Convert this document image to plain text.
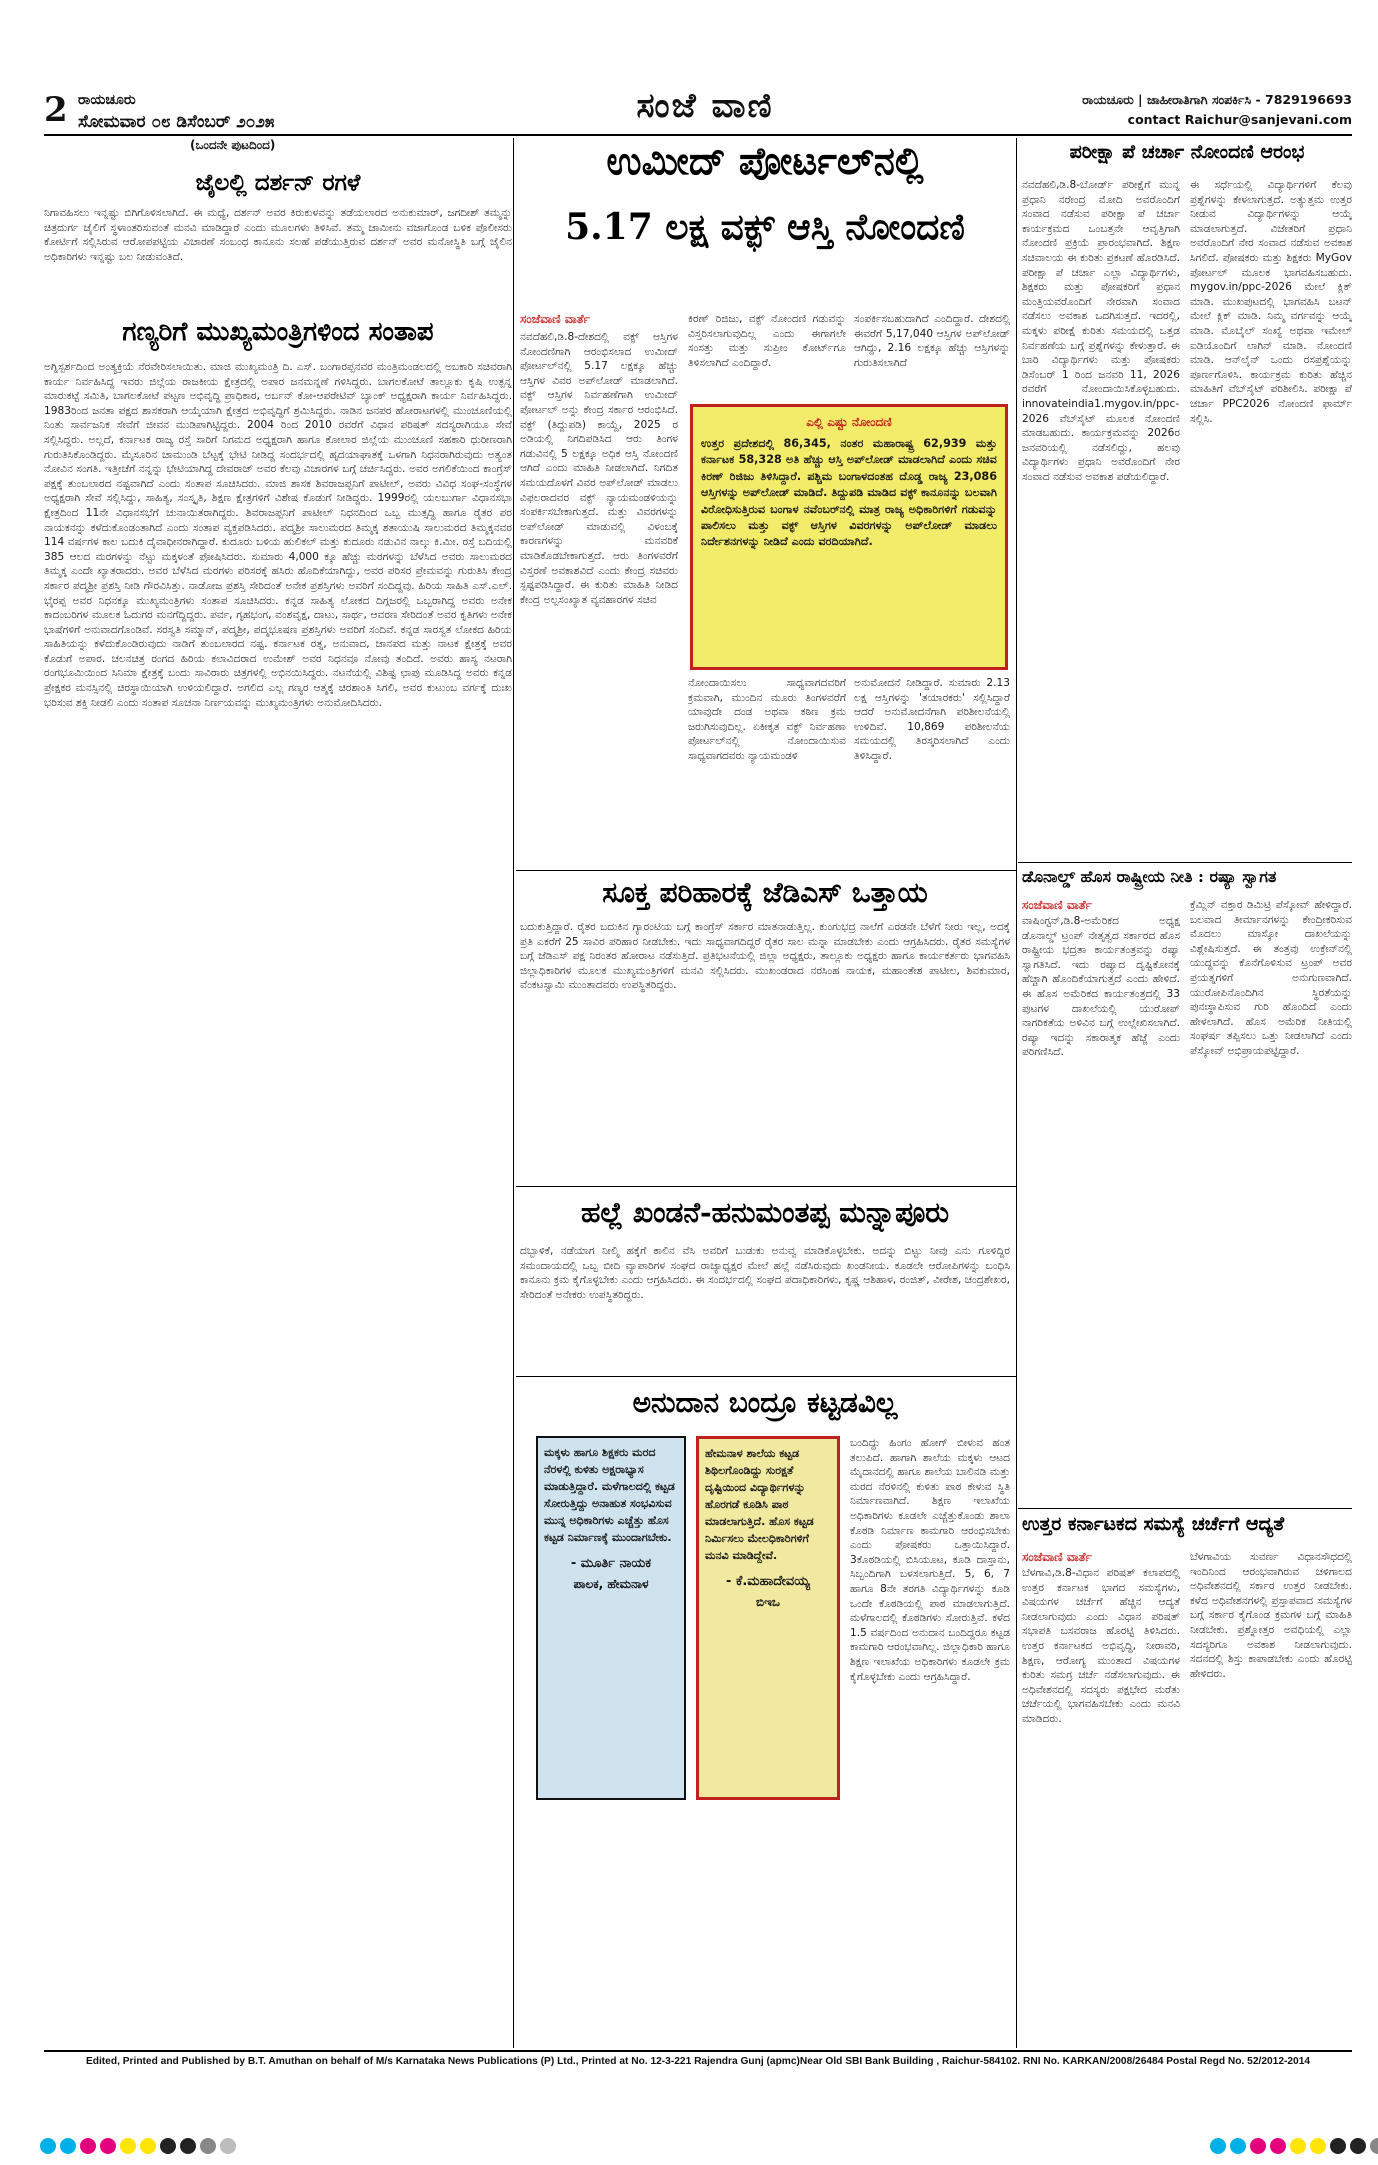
2 ರಾಯಚೂರು
ಸೋಮವಾರ ೦೮ ಡಿಸೆಂಬರ್ ೨೦೨೫	ಸಂಜೆ ವಾಣಿ	ರಾಯಚೂರು | ಜಾಹೀರಾತಿಗಾಗಿ ಸಂಪರ್ಕಿಸಿ - 7829196693
contact Raichur@sanjevani.com
(ಒಂದನೇ ಪುಟದಿಂದ)
ಜೈಲಲ್ಲಿ ದರ್ಶನ್ ರಗಳೆ
ನಿಗಾವಹಿಸಲು ಇನ್ನಷ್ಟು ಬಿಗಿಗೊಳಿಸಲಾಗಿದೆ. ಈ ಮಧ್ಯೆ, ದರ್ಶನ್ ಅವರ ಕಿರುಕುಳವನ್ನು ತಡೆಯಲಾರದ ಅನುಕುಮಾರ್, ಜಗದೀಶ್ ತಮ್ಮನ್ನು ಚಿತ್ರದುರ್ಗ ಜೈಲಿಗೆ ಸ್ಥಳಾಂತರಿಸುವಂತೆ ಮನವಿ ಮಾಡಿದ್ದಾರೆ ಎಂದು ಮೂಲಗಳು ತಿಳಿಸಿವೆ. ತಮ್ಮ ಜಾಮೀನು ವಜಾಗೊಂಡ ಬಳಿಕ ಪೊಲೀಸರು ಕೋರ್ಟಿಗೆ ಸಲ್ಲಿಸಿರುವ ಆರೋಪಪಟ್ಟಿಯ ವಿಚಾರಣೆ ಸಂಬಂಧ ಕಾನೂನು ಸಲಹೆ ಪಡೆಯುತ್ತಿರುವ ದರ್ಶನ್ ಅವರ ಮನೋಸ್ಥಿತಿ ಬಗ್ಗೆ ಜೈಲಿನ ಅಧಿಕಾರಿಗಳು ಇನ್ನಷ್ಟು ಬಲ ನೀಡುವಂತಿದೆ.
ಗಣ್ಯರಿಗೆ ಮುಖ್ಯಮಂತ್ರಿಗಳಿಂದ ಸಂತಾಪ
ಅಗ್ನಿಸ್ಪರ್ಶದಿಂದ ಅಂತ್ಯಕ್ರಿಯೆ ನೆರವೇರಿಸಲಾಯಿತು. ಮಾಜಿ ಮುಖ್ಯಮಂತ್ರಿ ದಿ. ಎಸ್. ಬಂಗಾರಪ್ಪನವರ ಮಂತ್ರಿಮಂಡಲದಲ್ಲಿ ಅಬಕಾರಿ ಸಚಿವರಾಗಿ ಕಾರ್ಯ ನಿರ್ವಹಿಸಿದ್ದ ಇವರು ಜಿಲ್ಲೆಯ ರಾಜಕೀಯ ಕ್ಷೇತ್ರದಲ್ಲಿ ಅಪಾರ ಜನಮನ್ನಣೆ ಗಳಿಸಿದ್ದರು. ಬಾಗಲಕೋಟೆ ತಾಲ್ಲೂಕು ಕೃಷಿ ಉತ್ಪನ್ನ ಮಾರುಕಟ್ಟೆ ಸಮಿತಿ, ಬಾಗಲಕೋಟೆ ಪಟ್ಟಣ ಅಭಿವೃದ್ಧಿ ಪ್ರಾಧಿಕಾರ, ಅರ್ಬನ್ ಕೋ-ಆಪರೇಟಿವ್ ಬ್ಯಾಂಕ್ ಅಧ್ಯಕ್ಷರಾಗಿ ಕಾರ್ಯ ನಿರ್ವಹಿಸಿದ್ದರು. 1983ರಿಂದ ಜನತಾ ಪಕ್ಷದ ಶಾಸಕರಾಗಿ ಆಯ್ಕೆಯಾಗಿ ಕ್ಷೇತ್ರದ ಅಭಿವೃದ್ಧಿಗೆ ಶ್ರಮಿಸಿದ್ದರು. ನಾಡಿನ ಜನಪರ ಹೋರಾಟಗಳಲ್ಲಿ ಮುಂಚೂಣಿಯಲ್ಲಿ ನಿಂತು ಸಾರ್ವಜನಿಕ ಸೇವೆಗೆ ಜೀವನ ಮುಡಿಪಾಗಿಟ್ಟಿದ್ದರು. 2004 ರಿಂದ 2010 ರವರೆಗೆ ವಿಧಾನ ಪರಿಷತ್ ಸದಸ್ಯರಾಗಿಯೂ ಸೇವೆ ಸಲ್ಲಿಸಿದ್ದರು. ಅಲ್ಲದೆ, ಕರ್ನಾಟಕ ರಾಜ್ಯ ರಸ್ತೆ ಸಾರಿಗೆ ನಿಗಮದ ಅಧ್ಯಕ್ಷರಾಗಿ ಹಾಗೂ ಕೋಲಾರ ಜಿಲ್ಲೆಯ ಮುಂಚೂಣಿ ಸಹಕಾರಿ ಧುರೀಣರಾಗಿ ಗುರುತಿಸಿಕೊಂಡಿದ್ದರು. ಮೈಸೂರಿನ ಚಾಮುಂಡಿ ಬೆಟ್ಟಕ್ಕೆ ಭೇಟಿ ನೀಡಿದ್ದ ಸಂದರ್ಭದಲ್ಲಿ ಹೃದಯಾಘಾತಕ್ಕೆ ಒಳಗಾಗಿ ನಿಧನರಾಗಿರುವುದು ಅತ್ಯಂತ ನೋವಿನ ಸಂಗತಿ. ಇತ್ತೀಚೆಗೆ ನನ್ನನ್ನು ಭೇಟಿಯಾಗಿದ್ದ ದೇವರಾಜ್ ಅವರ ಕೆಲವು ವಿಚಾರಗಳ ಬಗ್ಗೆ ಚರ್ಚಿಸಿದ್ದರು. ಅವರ ಅಗಲಿಕೆಯಿಂದ ಕಾಂಗ್ರೆಸ್ ಪಕ್ಷಕ್ಕೆ ತುಂಬಲಾರದ ನಷ್ಟವಾಗಿದೆ ಎಂದು ಸಂತಾಪ ಸೂಚಿಸಿದರು. ಮಾಜಿ ಶಾಸಕ ಶಿವರಾಜಪ್ಪನಿಗೆ ಪಾಟೀಲ್, ಅವರು ವಿವಿಧ ಸಂಘ-ಸಂಸ್ಥೆಗಳ ಅಧ್ಯಕ್ಷರಾಗಿ ಸೇವೆ ಸಲ್ಲಿಸಿದ್ದು, ಸಾಹಿತ್ಯ, ಸಂಸ್ಕೃತಿ, ಶಿಕ್ಷಣ ಕ್ಷೇತ್ರಗಳಿಗೆ ವಿಶೇಷ ಕೊಡುಗೆ ನೀಡಿದ್ದರು. 1999ರಲ್ಲಿ ಯಲಬುರ್ಗಾ ವಿಧಾನಸಭಾ ಕ್ಷೇತ್ರದಿಂದ 11ನೇ ವಿಧಾನಸಭೆಗೆ ಚುನಾಯಿತರಾಗಿದ್ದರು. ಶಿವರಾಜಪ್ಪನಿಗೆ ಪಾಟೀಲ್ ನಿಧನದಿಂದ ಒಬ್ಬ ಮುತ್ಸದ್ಧಿ ಹಾಗೂ ರೈತರ ಪರ ನಾಯಕನನ್ನು ಕಳೆದುಕೊಂಡಂತಾಗಿದೆ ಎಂದು ಸಂತಾಪ ವ್ಯಕ್ತಪಡಿಸಿದರು. ಪದ್ಮಶ್ರೀ ಸಾಲುಮರದ ತಿಮ್ಮಕ್ಕ ಶತಾಯುಷಿ ಸಾಲುಮರದ ತಿಮ್ಮಕ್ಕನವರ 114 ವರ್ಷಗಳ ಕಾಲ ಬದುಕಿ ದೈವಾಧೀನರಾಗಿದ್ದಾರೆ. ಕುದೂರು ಬಳಿಯ ಹುಲಿಕಲ್ ಮತ್ತು ಕುದೂರು ನಡುವಿನ ನಾಲ್ಕು ಕಿ.ಮೀ. ರಸ್ತೆ ಬದಿಯಲ್ಲಿ 385 ಆಲದ ಮರಗಳನ್ನು ನೆಟ್ಟು ಮಕ್ಕಳಂತೆ ಪೋಷಿಸಿದರು. ಸುಮಾರು 4,000 ಕ್ಕೂ ಹೆಚ್ಚು ಮರಗಳನ್ನು ಬೆಳೆಸಿದ ಅವರು ಸಾಲುಮರದ ತಿಮ್ಮಕ್ಕ ಎಂದೇ ಖ್ಯಾತರಾದರು. ಅವರ ಬೆಳೆಸಿದ ಮರಗಳು ಪರಿಸರಕ್ಕೆ ಹಸಿರು ಹೊದಿಕೆಯಾಗಿದ್ದು, ಅವರ ಪರಿಸರ ಪ್ರೇಮವನ್ನು ಗುರುತಿಸಿ ಕೇಂದ್ರ ಸರ್ಕಾರ ಪದ್ಮಶ್ರೀ ಪ್ರಶಸ್ತಿ ನೀಡಿ ಗೌರವಿಸಿತ್ತು. ನಾಡೋಜ ಪ್ರಶಸ್ತಿ ಸೇರಿದಂತೆ ಅನೇಕ ಪ್ರಶಸ್ತಿಗಳು ಅವರಿಗೆ ಸಂದಿದ್ದವು. ಹಿರಿಯ ಸಾಹಿತಿ ಎಸ್.ಎಲ್. ಭೈರಪ್ಪ ಅವರ ನಿಧನಕ್ಕೂ ಮುಖ್ಯಮಂತ್ರಿಗಳು ಸಂತಾಪ ಸೂಚಿಸಿದರು. ಕನ್ನಡ ಸಾಹಿತ್ಯ ಲೋಕದ ದಿಗ್ಗಜರಲ್ಲಿ ಒಬ್ಬರಾಗಿದ್ದ ಅವರು ಅನೇಕ ಕಾದಂಬರಿಗಳ ಮೂಲಕ ಓದುಗರ ಮನಗೆದ್ದಿದ್ದರು. ಪರ್ವ, ಗೃಹಭಂಗ, ವಂಶವೃಕ್ಷ, ದಾಟು, ಸಾರ್ಥ, ಆವರಣ ಸೇರಿದಂತೆ ಅವರ ಕೃತಿಗಳು ಅನೇಕ ಭಾಷೆಗಳಿಗೆ ಅನುವಾದಗೊಂಡಿವೆ. ಸರಸ್ವತಿ ಸಮ್ಮಾನ್, ಪದ್ಮಶ್ರೀ, ಪದ್ಮಭೂಷಣ ಪ್ರಶಸ್ತಿಗಳು ಅವರಿಗೆ ಸಂದಿವೆ. ಕನ್ನಡ ಸಾರಸ್ವತ ಲೋಕದ ಹಿರಿಯ ಸಾಹಿತಿಯನ್ನು ಕಳೆದುಕೊಂಡಿರುವುದು ನಾಡಿಗೆ ತುಂಬಲಾರದ ನಷ್ಟ. ಕರ್ನಾಟಕ ರತ್ನ, ಅನುವಾದ, ಜಾನಪದ ಮತ್ತು ನಾಟಕ ಕ್ಷೇತ್ರಕ್ಕೆ ಅವರ ಕೊಡುಗೆ ಅಪಾರ. ಚಲನಚಿತ್ರ ರಂಗದ ಹಿರಿಯ ಕಲಾವಿದರಾದ ಉಮೇಶ್ ಅವರ ನಿಧನವೂ ನೋವು ತಂದಿದೆ. ಅವರು ಹಾಸ್ಯ ನಟರಾಗಿ ರಂಗಭೂಮಿಯಿಂದ ಸಿನಿಮಾ ಕ್ಷೇತ್ರಕ್ಕೆ ಬಂದು ಸಾವಿರಾರು ಚಿತ್ರಗಳಲ್ಲಿ ಅಭಿನಯಿಸಿದ್ದರು. ನಟನೆಯಲ್ಲಿ ವಿಶಿಷ್ಟ ಛಾಪು ಮೂಡಿಸಿದ್ದ ಅವರು ಕನ್ನಡ ಪ್ರೇಕ್ಷಕರ ಮನಸ್ಸಿನಲ್ಲಿ ಚಿರಸ್ಥಾಯಿಯಾಗಿ ಉಳಿಯಲಿದ್ದಾರೆ. ಅಗಲಿದ ಎಲ್ಲ ಗಣ್ಯರ ಆತ್ಮಕ್ಕೆ ಚಿರಶಾಂತಿ ಸಿಗಲಿ, ಅವರ ಕುಟುಂಬ ವರ್ಗಕ್ಕೆ ದುಃಖ ಭರಿಸುವ ಶಕ್ತಿ ನೀಡಲಿ ಎಂದು ಸಂತಾಪ ಸೂಚನಾ ನಿರ್ಣಯವನ್ನು ಮುಖ್ಯಮಂತ್ರಿಗಳು ಅನುಮೋದಿಸಿದರು.
ಉಮೀದ್ ಪೋರ್ಟಲ್‌ನಲ್ಲಿ
5.17 ಲಕ್ಷ ವಕ್ಫ್ ಆಸ್ತಿ ನೋಂದಣಿ
ಸಂಜೆವಾಣಿ ವಾರ್ತೆ
ನವದೆಹಲಿ,ಡಿ.8-ದೇಶದಲ್ಲಿ ವಕ್ಫ್ ಆಸ್ತಿಗಳ ನೋಂದಣಿಗಾಗಿ ಆರಂಭಿಸಲಾದ ಉಮೀದ್ ಪೋರ್ಟಲ್‌ನಲ್ಲಿ 5.17 ಲಕ್ಷಕ್ಕೂ ಹೆಚ್ಚು ಆಸ್ತಿಗಳ ವಿವರ ಅಪ್‌ಲೋಡ್ ಮಾಡಲಾಗಿದೆ. ವಕ್ಫ್ ಆಸ್ತಿಗಳ ನಿರ್ವಹಣೆಗಾಗಿ ಉಮೀದ್ ಪೋರ್ಟಲ್ ಅನ್ನು ಕೇಂದ್ರ ಸರ್ಕಾರ ಆರಂಭಿಸಿದೆ. ವಕ್ಫ್ (ತಿದ್ದುಪಡಿ) ಕಾಯ್ದೆ, 2025 ರ ಅಡಿಯಲ್ಲಿ ನಿಗದಿಪಡಿಸಿದ ಆರು ತಿಂಗಳ ಗಡುವಿನಲ್ಲಿ 5 ಲಕ್ಷಕ್ಕೂ ಅಧಿಕ ಆಸ್ತಿ ನೋಂದಣಿ ಆಗಿದೆ ಎಂದು ಮಾಹಿತಿ ನೀಡಲಾಗಿದೆ. ನಿಗದಿತ ಸಮಯದೊಳಗೆ ವಿವರ ಅಪ್‌ಲೋಡ್ ಮಾಡಲು ವಿಫಲರಾದವರ ವಕ್ಫ್ ನ್ಯಾಯಮಂಡಳಿಯನ್ನು ಸಂಪರ್ಕಿಸಬೇಕಾಗುತ್ತದೆ. ಮತ್ತು ವಿವರಗಳನ್ನು ಅಪ್‌ಲೋಡ್ ಮಾಡುವಲ್ಲಿ ವಿಳಂಬಕ್ಕೆ ಕಾರಣಗಳನ್ನು ಮನವರಿಕೆ ಮಾಡಿಕೊಡಬೇಕಾಗುತ್ತದೆ. ಆರು ತಿಂಗಳವರೆಗೆ ವಿಸ್ತರಣೆ ಅವಕಾಶವಿದೆ ಎಂದು ಕೇಂದ್ರ ಸಚಿವರು ಸ್ಪಷ್ಟಪಡಿಸಿದ್ದಾರೆ. ಈ ಕುರಿತು ಮಾಹಿತಿ ನೀಡಿದ ಕೇಂದ್ರ ಅಲ್ಪಸಂಖ್ಯಾತ ವ್ಯವಹಾರಗಳ ಸಚಿವ
ಕಿರಣ್ ರಿಜಿಜು, ವಕ್ಫ್ ನೋಂದಣಿ ಗಡುವನ್ನು ವಿಸ್ತರಿಸಲಾಗುವುದಿಲ್ಲ ಎಂದು ಈಗಾಗಲೇ ಸಂಸತ್ತು ಮತ್ತು ಸುಪ್ರೀಂ ಕೋರ್ಟ್‌ಗೂ ತಿಳಿಸಲಾಗಿದೆ ಎಂದಿದ್ದಾರೆ.
ಸಂಪರ್ಕಿಸಬಹುದಾಗಿದೆ ಎಂದಿದ್ದಾರೆ. ದೇಶದಲ್ಲಿ ಈವರೆಗೆ 5,17,040 ಆಸ್ತಿಗಳ ಅಪ್‌ಲೋಡ್ ಆಗಿದ್ದು, 2.16 ಲಕ್ಷಕ್ಕೂ ಹೆಚ್ಚು ಆಸ್ತಿಗಳನ್ನು ಗುರುತಿಸಲಾಗಿದೆ
ಎಲ್ಲಿ ಎಷ್ಟು ನೋಂದಣಿ
ಉತ್ತರ ಪ್ರದೇಶದಲ್ಲಿ 86,345, ನಂತರ ಮಹಾರಾಷ್ಟ್ರ 62,939 ಮತ್ತು ಕರ್ನಾಟಕ 58,328 ಅತಿ ಹೆಚ್ಚು ಆಸ್ತಿ ಅಪ್‌ಲೋಡ್ ಮಾಡಲಾಗಿದೆ ಎಂದು ಸಚಿವ ಕಿರಣ್ ರಿಜಿಜು ತಿಳಿಸಿದ್ದಾರೆ. ಪಶ್ಚಿಮ ಬಂಗಾಳದಂತಹ ದೊಡ್ಡ ರಾಜ್ಯ 23,086 ಆಸ್ತಿಗಳನ್ನು ಅಪ್‌ಲೋಡ್ ಮಾಡಿದೆ. ತಿದ್ದುಪಡಿ ಮಾಡಿದ ವಕ್ಫ್ ಕಾನೂನನ್ನು ಬಲವಾಗಿ ವಿರೋಧಿಸುತ್ತಿರುವ ಬಂಗಾಳ ನವೆಂಬರ್‌ನಲ್ಲಿ ಮಾತ್ರ ರಾಜ್ಯ ಅಧಿಕಾರಿಗಳಿಗೆ ಗಡುವನ್ನು ಪಾಲಿಸಲು ಮತ್ತು ವಕ್ಫ್ ಆಸ್ತಿಗಳ ವಿವರಗಳನ್ನು ಅಪ್‌ಲೋಡ್ ಮಾಡಲು ನಿರ್ದೇಶನಗಳನ್ನು ನೀಡಿದೆ ಎಂದು ವರದಿಯಾಗಿದೆ.
ನೋಂದಾಯಿಸಲು ಸಾಧ್ಯವಾಗದವರಿಗೆ ಕ್ರಮವಾಗಿ, ಮುಂದಿನ ಮೂರು ತಿಂಗಳವರೆಗೆ ಯಾವುದೇ ದಂಡ ಅಥವಾ ಕಠಿಣ ಕ್ರಮ ಜರುಗಿಸುವುದಿಲ್ಲ. ಏಕೀಕೃತ ವಕ್ಫ್ ನಿರ್ವಹಣಾ ಪೋರ್ಟಲ್‌ನಲ್ಲಿ ನೋಂದಾಯಿಸುವ ಸಾಧ್ಯವಾಗದವರು ನ್ಯಾಯಮಂಡಳಿ
ಅನುಮೋದನೆ ನೀಡಿದ್ದಾರೆ. ಸುಮಾರು 2.13 ಲಕ್ಷ ಆಸ್ತಿಗಳನ್ನು 'ತಯಾರಕರು' ಸಲ್ಲಿಸಿದ್ದಾರೆ ಆದರೆ ಅನುಮೋದನೆಗಾಗಿ ಪರಿಶೀಲನೆಯಲ್ಲಿ ಉಳಿದಿವೆ. 10,869 ಪರಿಶೀಲನೆಯ ಸಮಯದಲ್ಲಿ ತಿರಸ್ಕರಿಸಲಾಗಿದೆ ಎಂದು ತಿಳಿಸಿದ್ದಾರೆ.
ಸೂಕ್ತ ಪರಿಹಾರಕ್ಕೆ ಜೆಡಿಎಸ್ ಒತ್ತಾಯ
ಬದುಕುತ್ತಿದ್ದಾರೆ. ರೈತರ ಬದುಕಿನ ಗ್ಯಾರಂಟಿಯ ಬಗ್ಗೆ ಕಾಂಗ್ರೆಸ್ ಸರ್ಕಾರ ಮಾತನಾಡುತ್ತಿಲ್ಲ. ಕುಂಗುಭದ್ರ ನಾಲೆಗೆ ಎರಡನೇ ಬೆಳೆಗೆ ನೀರು ಇಲ್ಲ, ಅದಕ್ಕೆ ಪ್ರತಿ ಎಕರೆಗೆ 25 ಸಾವಿರ ಪರಿಹಾರ ನೀಡಬೇಕು. ಇದು ಸಾಧ್ಯವಾಗದಿದ್ದರೆ ರೈತರ ಸಾಲ ಮನ್ನಾ ಮಾಡಬೇಕು ಎಂದು ಆಗ್ರಹಿಸಿದರು. ರೈತರ ಸಮಸ್ಯೆಗಳ ಬಗ್ಗೆ ಜೆಡಿಎಸ್ ಪಕ್ಷ ನಿರಂತರ ಹೋರಾಟ ನಡೆಸುತ್ತಿದೆ. ಪ್ರತಿಭಟನೆಯಲ್ಲಿ ಜಿಲ್ಲಾ ಅಧ್ಯಕ್ಷರು, ತಾಲ್ಲೂಕು ಅಧ್ಯಕ್ಷರು ಹಾಗೂ ಕಾರ್ಯಕರ್ತರು ಭಾಗವಹಿಸಿ ಜಿಲ್ಲಾಧಿಕಾರಿಗಳ ಮೂಲಕ ಮುಖ್ಯಮಂತ್ರಿಗಳಿಗೆ ಮನವಿ ಸಲ್ಲಿಸಿದರು. ಮುಖಂಡರಾದ ನರಸಿಂಹ ನಾಯಕ, ಮಹಾಂತೇಶ ಪಾಟೀಲ, ಶಿವಕುಮಾರ, ವೆಂಕಟಸ್ವಾಮಿ ಮುಂತಾದವರು ಉಪಸ್ಥಿತರಿದ್ದರು.
ಹಲ್ಲೆ ಖಂಡನೆ-ಹನುಮಂತಪ್ಪ ಮನ್ನಾಪೂರು
ದಬ್ಬಾಳಿಕೆ, ನಡೆಯಾಗ ನೀಲ್ಮಿ ಹಕ್ಕೆಗೆ ಕಾಲಿನ ವೆಸಿ ಅವರಿಗೆ ಬುಡುಕು ಅನುವ್ವ ಮಾಡಿಕೊಳ್ಳಬೇಕು. ಅದನ್ನು ಬಿಟ್ಟು ನೀವು ಎನು ಗೂಳಿದ್ದಿರ ಸಮಂದಾಯದಲ್ಲಿ ಒಬ್ಬ ಬೀದಿ ವ್ಯಾಪಾರಿಗಳ ಸಂಘದ ರಾಜ್ಯಾಧ್ಯಕ್ಷರ ಮೇಲೆ ಹಲ್ಲೆ ನಡೆಸಿರುವುದು ಖಂಡನೀಯ. ಕೂಡಲೇ ಆರೋಪಿಗಳನ್ನು ಬಂಧಿಸಿ ಕಾನೂನು ಕ್ರಮ ಕೈಗೊಳ್ಳಬೇಕು ಎಂದು ಆಗ್ರಹಿಸಿದರು. ಈ ಸಂದರ್ಭದಲ್ಲಿ ಸಂಘದ ಪದಾಧಿಕಾರಿಗಳು, ಕೃಷ್ಣ ಆಶಿಹಾಳ, ರಂಜಿತ್, ವೀರೇಶ, ಚಂದ್ರಶೇಖರ, ಸೇರಿದಂತೆ ಅನೇಕರು ಉಪಸ್ಥಿತರಿದ್ದರು.
ಅನುದಾನ ಬಂದ್ರೂ ಕಟ್ಟಡವಿಲ್ಲ
ಮಕ್ಕಳು ಹಾಗೂ ಶಿಕ್ಷಕರು ಮರದ ನೆರಳಲ್ಲಿ ಕುಳಿತು ಅಕ್ಷರಾಭ್ಯಾಸ ಮಾಡುತ್ತಿದ್ದಾರೆ. ಮಳೆಗಾಲದಲ್ಲಿ ಕಟ್ಟಡ ಸೋರುತ್ತಿದ್ದು ಅನಾಹುತ ಸಂಭವಿಸುವ ಮುನ್ನ ಅಧಿಕಾರಿಗಳು ಎಚ್ಚೆತ್ತು ಹೊಸ ಕಟ್ಟಡ ನಿರ್ಮಾಣಕ್ಕೆ ಮುಂದಾಗಬೇಕು.
- ಮೂರ್ತಿ ನಾಯಕ
ಪಾಲಕ, ಹೇಮನಾಳ
ಹೇಮನಾಳ ಶಾಲೆಯ ಕಟ್ಟಡ ಶಿಥಿಲಗೊಂಡಿದ್ದು ಸುರಕ್ಷತೆ ದೃಷ್ಟಿಯಿಂದ ವಿದ್ಯಾರ್ಥಿಗಳನ್ನು ಹೊರಗಡೆ ಕೂಡಿಸಿ ಪಾಠ ಮಾಡಲಾಗುತ್ತಿದೆ. ಹೊಸ ಕಟ್ಟಡ ನಿರ್ಮಿಸಲು ಮೇಲಧಿಕಾರಿಗಳಿಗೆ ಮನವಿ ಮಾಡಿದ್ದೇವೆ.
- ಕೆ.ಮಹಾದೇವಯ್ಯ
ಬಿಇಒ
ಬಂದಿದ್ದು ಹಿಂಗಂ ಹೋಗ್ ಬೀಳುವ ಹಂತ ತಲುಪಿದೆ. ಹಾಗಾಗಿ ಶಾಲೆಯ ಮಕ್ಕಳು ಆಟದ ಮೈದಾನದಲ್ಲಿ ಹಾಗೂ ಶಾಲೆಯ ಬಾಲಿನಡಿ ಮತ್ತು ಮರದ ನೆರಳಿನಲ್ಲಿ ಕುಳಿತು ಪಾಠ ಕೇಳುವ ಸ್ಥಿತಿ ನಿರ್ಮಾಣವಾಗಿದೆ. ಶಿಕ್ಷಣ ಇಲಾಖೆಯ ಅಧಿಕಾರಿಗಳು ಕೂಡಲೇ ಎಚ್ಚೆತ್ತುಕೊಂಡು ಶಾಲಾ ಕೊಠಡಿ ನಿರ್ಮಾಣ ಕಾಮಗಾರಿ ಆರಂಭಿಸಬೇಕು ಎಂದು ಪೋಷಕರು ಒತ್ತಾಯಿಸಿದ್ದಾರೆ. 3ಕೊಠಡಿಯಲ್ಲಿ ಬಿಸಿಯೂಟ, ಕೂಡಿ ದಾಸ್ತಾನು, ಸಿಬ್ಬಂದಿಗಾಗಿ ಬಳಸಲಾಗುತ್ತಿದೆ. 5, 6, 7 ಹಾಗೂ 8ನೇ ತರಗತಿ ವಿದ್ಯಾರ್ಥಿಗಳನ್ನು ಕೂಡಿ ಒಂದೇ ಕೊಠಡಿಯಲ್ಲಿ ಪಾಠ ಮಾಡಲಾಗುತ್ತಿದೆ. ಮಳೆಗಾಲದಲ್ಲಿ ಕೊಠಡಿಗಳು ಸೋರುತ್ತಿವೆ. ಕಳೆದ 1.5 ವರ್ಷದಿಂದ ಅನುದಾನ ಬಂದಿದ್ದರೂ ಕಟ್ಟಡ ಕಾಮಗಾರಿ ಆರಂಭವಾಗಿಲ್ಲ. ಜಿಲ್ಲಾಧಿಕಾರಿ ಹಾಗೂ ಶಿಕ್ಷಣ ಇಲಾಖೆಯ ಅಧಿಕಾರಿಗಳು ಕೂಡಲೇ ಕ್ರಮ ಕೈಗೊಳ್ಳಬೇಕು ಎಂದು ಆಗ್ರಹಿಸಿದ್ದಾರೆ.
ಪರೀಕ್ಷಾ ಪೆ ಚರ್ಚಾ ನೋಂದಣಿ ಆರಂಭ
ನವದೆಹಲಿ,ಡಿ.8-ಬೋರ್ಡ್ ಪರೀಕ್ಷೆಗೆ ಮುನ್ನ ಪ್ರಧಾನಿ ನರೇಂದ್ರ ಮೋದಿ ಅವರೊಂದಿಗೆ ಸಂವಾದ ನಡೆಸುವ ಪರೀಕ್ಷಾ ಪೆ ಚರ್ಚಾ ಕಾರ್ಯಕ್ರಮದ ಒಂಬತ್ತನೇ ಆವೃತ್ತಿಗಾಗಿ ನೋಂದಣಿ ಪ್ರಕ್ರಿಯೆ ಪ್ರಾರಂಭವಾಗಿದೆ. ಶಿಕ್ಷಣ ಸಚಿವಾಲಯ ಈ ಕುರಿತು ಪ್ರಕಟಣೆ ಹೊರಡಿಸಿದೆ. ಪರೀಕ್ಷಾ ಪೆ ಚರ್ಚಾ ಎಲ್ಲಾ ವಿದ್ಯಾರ್ಥಿಗಳು, ಶಿಕ್ಷಕರು ಮತ್ತು ಪೋಷಕರಿಗೆ ಪ್ರಧಾನ ಮಂತ್ರಿಯವರೊಂದಿಗೆ ನೇರವಾಗಿ ಸಂವಾದ ನಡೆಸಲು ಅವಕಾಶ ಒದಗಿಸುತ್ತದೆ. ಇದರಲ್ಲಿ, ಮಕ್ಕಳು ಪರೀಕ್ಷೆ ಕುರಿತು ಸಮಯದಲ್ಲಿ ಒತ್ತಡ ನಿರ್ವಹಣೆಯ ಬಗ್ಗೆ ಪ್ರಶ್ನೆಗಳನ್ನು ಕೇಳುತ್ತಾರೆ. ಈ ಬಾರಿ ವಿದ್ಯಾರ್ಥಿಗಳು ಮತ್ತು ಪೋಷಕರು ಡಿಸೆಂಬರ್ 1 ರಿಂದ ಜನವರಿ 11, 2026 ರವರೆಗೆ ನೋಂದಾಯಿಸಿಕೊಳ್ಳಬಹುದು. innovateindia1.mygov.in/ppc-2026 ವೆಬ್‌ಸೈಟ್ ಮೂಲಕ ನೋಂದಣಿ ಮಾಡಬಹುದು. ಕಾರ್ಯಕ್ರಮವನ್ನು 2026ರ ಜನವರಿಯಲ್ಲಿ ನಡೆಸಲಿದ್ದು, ಹಲವು ವಿದ್ಯಾರ್ಥಿಗಳು ಪ್ರಧಾನಿ ಅವರೊಂದಿಗೆ ನೇರ ಸಂವಾದ ನಡೆಸುವ ಅವಕಾಶ ಪಡೆಯಲಿದ್ದಾರೆ.
ಈ ಸರ್ಧೆಯಲ್ಲಿ ವಿದ್ಯಾರ್ಥಿಗಳಿಗೆ ಕೆಲವು ಪ್ರಶ್ನೆಗಳನ್ನು ಕೇಳಲಾಗುತ್ತದೆ. ಅತ್ಯುತ್ತಮ ಉತ್ತರ ನೀಡುವ ವಿದ್ಯಾರ್ಥಿಗಳನ್ನು ಆಯ್ಕೆ ಮಾಡಲಾಗುತ್ತದೆ. ವಿಜೇತರಿಗೆ ಪ್ರಧಾನಿ ಅವರೊಂದಿಗೆ ನೇರ ಸಂವಾದ ನಡೆಸುವ ಅವಕಾಶ ಸಿಗಲಿದೆ. ಪೋಷಕರು ಮತ್ತು ಶಿಕ್ಷಕರು MyGov ಪೋರ್ಟಲ್ ಮೂಲಕ ಭಾಗವಹಿಸಬಹುದು. mygov.in/ppc-2026 ಮೇಲೆ ಕ್ಲಿಕ್ ಮಾಡಿ. ಮುಖಪುಟದಲ್ಲಿ ಭಾಗವಹಿಸಿ ಬಟನ್ ಮೇಲೆ ಕ್ಲಿಕ್ ಮಾಡಿ. ನಿಮ್ಮ ವರ್ಗವನ್ನು ಆಯ್ಕೆ ಮಾಡಿ. ಮೊಬೈಲ್ ಸಂಖ್ಯೆ ಅಥವಾ ಇಮೇಲ್ ಐಡಿಯೊಂದಿಗೆ ಲಾಗಿನ್ ಮಾಡಿ. ನೋಂದಣಿ ಮಾಡಿ. ಆನ್‌ಲೈನ್ ಒಂದು ರಸಪ್ರಶ್ನೆಯನ್ನು ಪೂರ್ಣಗೊಳಿಸಿ. ಕಾರ್ಯಕ್ರಮ ಕುರಿತು ಹೆಚ್ಚಿನ ಮಾಹಿತಿಗೆ ವೆಬ್‌ಸೈಟ್ ಪರಿಶೀಲಿಸಿ. ಪರೀಕ್ಷಾ ಪೆ ಚರ್ಚಾ PPC2026 ನೋಂದಣಿ ಫಾರ್ಮ್ ಸಲ್ಲಿಸಿ.
ಡೊನಾಲ್ಡ್ ಹೊಸ ರಾಷ್ಟ್ರೀಯ ನೀತಿ : ರಷ್ಯಾ ಸ್ವಾಗತ
ಸಂಜೆವಾಣಿ ವಾರ್ತೆ
ವಾಷಿಂಗ್ಟನ್,ಡಿ.8-ಅಮೆರಿಕದ ಅಧ್ಯಕ್ಷ ಡೊನಾಲ್ಡ್ ಟ್ರಂಪ್ ನೇತೃತ್ವದ ಸರ್ಕಾರದ ಹೊಸ ರಾಷ್ಟ್ರೀಯ ಭದ್ರತಾ ಕಾರ್ಯತಂತ್ರವನ್ನು ರಷ್ಯಾ ಸ್ವಾಗತಿಸಿದೆ. ಇದು ರಷ್ಯಾದ ದೃಷ್ಟಿಕೋನಕ್ಕೆ ಹೆಚ್ಚಾಗಿ ಹೊಂದಿಕೆಯಾಗುತ್ತದೆ ಎಂದು ಹೇಳಿದೆ. ಈ ಹೊಸ ಅಮೆರಿಕದ ಕಾರ್ಯತಂತ್ರದಲ್ಲಿ 33 ಪುಟಗಳ ದಾಖಲೆಯಲ್ಲಿ ಯುರೋಪ್ ನಾಗರಿಕತೆಯ ಅಳಿವಿನ ಬಗ್ಗೆ ಉಲ್ಲೇಖಿಸಲಾಗಿದೆ. ರಷ್ಯಾ ಇದನ್ನು ಸಕಾರಾತ್ಮಕ ಹೆಜ್ಜೆ ಎಂದು ಪರಿಗಣಿಸಿದೆ.
ಕ್ರೆಮ್ಲಿನ್ ವಕ್ತಾರ ಡಿಮಿಟ್ರಿ ಪೆಸ್ಕೋವ್ ಹೇಳಿದ್ದಾರೆ. ಬಲವಾದ ತೀರ್ಮಾನಗಳನ್ನು ಕೇಂದ್ರೀಕರಿಸುವ ಮೊದಲು ಮಾಸ್ಕೋ ದಾಖಲೆಯನ್ನು ವಿಶ್ಲೇಷಿಸುತ್ತದೆ. ಈ ತಂತ್ರವು ಉಕ್ರೇನ್‌ನಲ್ಲಿ ಯುದ್ಧವನ್ನು ಕೊನೆಗೊಳಿಸುವ ಟ್ರಂಪ್ ಅವರ ಪ್ರಯತ್ನಗಳಿಗೆ ಅನುಗುಣವಾಗಿದೆ. ಯುರೋಪಿನೊಂದಿಗಿನ ಸ್ಥಿರತೆಯನ್ನು ಪುನಃಸ್ಥಾಪಿಸುವ ಗುರಿ ಹೊಂದಿದೆ ಎಂದು ಹೇಳಲಾಗಿದೆ. ಹೊಸ ಅಮೆರಿಕ ನೀತಿಯಲ್ಲಿ ಸಂಘರ್ಷ ತಪ್ಪಿಸಲು ಒತ್ತು ನೀಡಲಾಗಿದೆ ಎಂದು ಪೆಸ್ಕೋವ್ ಅಭಿಪ್ರಾಯಪಟ್ಟಿದ್ದಾರೆ.
ಉತ್ತರ ಕರ್ನಾಟಕದ ಸಮಸ್ಯೆ ಚರ್ಚೆಗೆ ಆದ್ಯತೆ
ಸಂಜೆವಾಣಿ ವಾರ್ತೆ
ಬೆಳಗಾವಿ,ಡಿ.8-ವಿಧಾನ ಪರಿಷತ್ ಕಲಾಪದಲ್ಲಿ ಉತ್ತರ ಕರ್ನಾಟಕ ಭಾಗದ ಸಮಸ್ಯೆಗಳು, ವಿಷಯಗಳ ಚರ್ಚೆಗೆ ಹೆಚ್ಚಿನ ಆದ್ಯತೆ ನೀಡಲಾಗುವುದು ಎಂದು ವಿಧಾನ ಪರಿಷತ್ ಸಭಾಪತಿ ಬಸವರಾಜ ಹೊರಟ್ಟಿ ತಿಳಿಸಿದರು. ಉತ್ತರ ಕರ್ನಾಟಕದ ಅಭಿವೃದ್ಧಿ, ನೀರಾವರಿ, ಶಿಕ್ಷಣ, ಆರೋಗ್ಯ ಮುಂತಾದ ವಿಷಯಗಳ ಕುರಿತು ಸಮಗ್ರ ಚರ್ಚೆ ನಡೆಸಲಾಗುವುದು. ಈ ಅಧಿವೇಶನದಲ್ಲಿ ಸದಸ್ಯರು ಪಕ್ಷಭೇದ ಮರೆತು ಚರ್ಚೆಯಲ್ಲಿ ಭಾಗವಹಿಸಬೇಕು ಎಂದು ಮನವಿ ಮಾಡಿದರು.
ಬೆಳಗಾವಿಯ ಸುವರ್ಣ ವಿಧಾನಸೌಧದಲ್ಲಿ ಇಂದಿನಿಂದ ಆರಂಭವಾಗಿರುವ ಚಳಿಗಾಲದ ಅಧಿವೇಶನದಲ್ಲಿ ಸರ್ಕಾರ ಉತ್ತರ ನೀಡಬೇಕು. ಕಳೆದ ಅಧಿವೇಶನಗಳಲ್ಲಿ ಪ್ರಸ್ತಾಪವಾದ ಸಮಸ್ಯೆಗಳ ಬಗ್ಗೆ ಸರ್ಕಾರ ಕೈಗೊಂಡ ಕ್ರಮಗಳ ಬಗ್ಗೆ ಮಾಹಿತಿ ನೀಡಬೇಕು. ಪ್ರಶ್ನೋತ್ತರ ಅವಧಿಯಲ್ಲಿ ಎಲ್ಲಾ ಸದಸ್ಯರಿಗೂ ಅವಕಾಶ ನೀಡಲಾಗುವುದು. ಸದನದಲ್ಲಿ ಶಿಸ್ತು ಕಾಪಾಡಬೇಕು ಎಂದು ಹೊರಟ್ಟಿ ಹೇಳಿದರು.
Edited, Printed and Published by B.T. Amuthan on behalf of M/s Karnataka News Publications (P) Ltd., Printed at No. 12-3-221 Rajendra Gunj (apmc)Near Old SBI Bank Building , Raichur-584102. RNI No. KARKAN/2008/26484 Postal Regd No. 52/2012-2014
